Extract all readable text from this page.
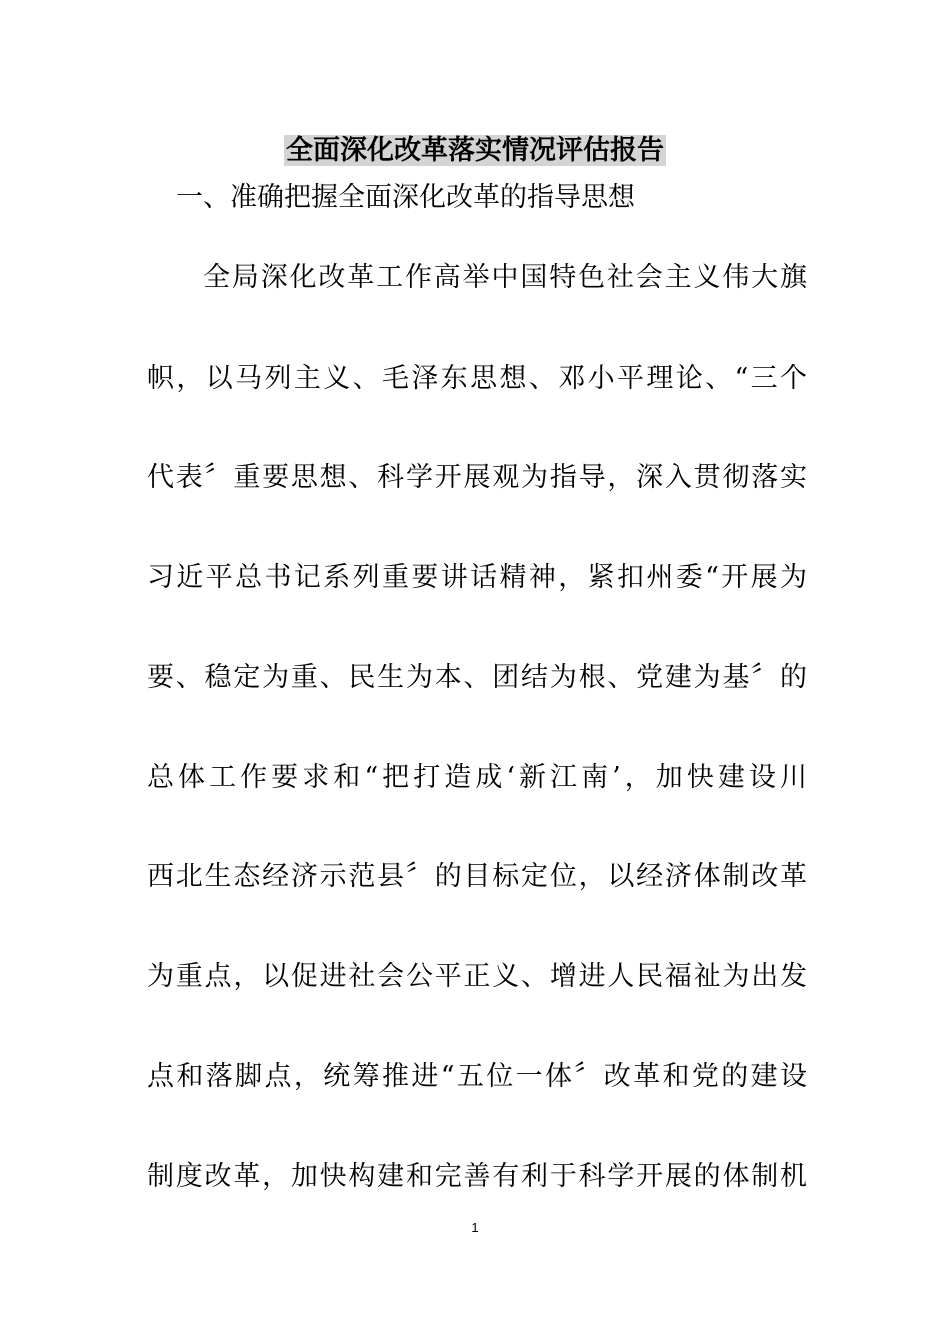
全面深化改革落实情况评估报告
一、准确把握全面深化改革的指导思想
全局深化改革工作高举中国特色社会主义伟大旗
帜，以马列主义、毛泽东思想、邓小平理论、“三个
代表〞重要思想、科学开展观为指导，深入贯彻落实
习近平总书记系列重要讲话精神，紧扣州委“开展为
要、稳定为重、民生为本、团结为根、党建为基〞的
总体工作要求和“把打造成‘新江南’，加快建设川
西北生态经济示范县〞的目标定位，以经济体制改革
为重点，以促进社会公平正义、增进人民福祉为出发
点和落脚点，统筹推进“五位一体〞改革和党的建设
制度改革，加快构建和完善有利于科学开展的体制机
1
